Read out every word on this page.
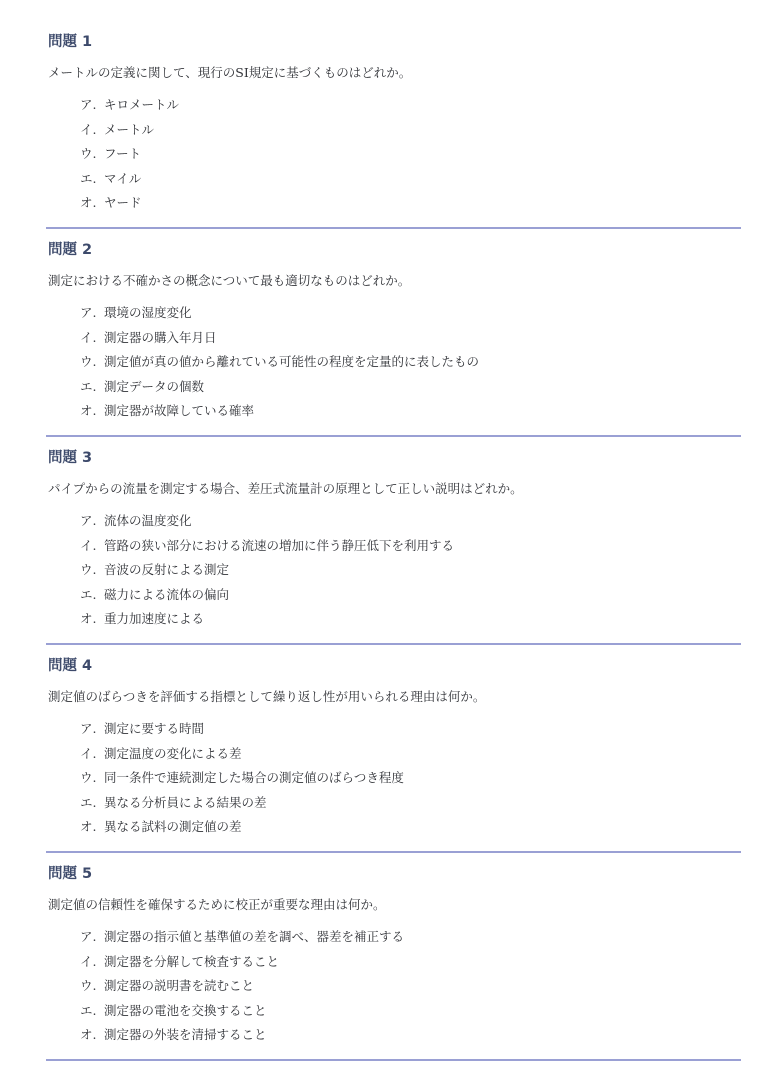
問題 1
メートルの定義に関して、現行のSI規定に基づくものはどれか。
ア. キロメートル
イ. メートル
ウ. フート
エ. マイル
オ. ヤード
問題 2
測定における不確かさの概念について最も適切なものはどれか。
ア. 環境の湿度変化
イ. 測定器の購入年月日
ウ. 測定値が真の値から離れている可能性の程度を定量的に表したもの
エ. 測定データの個数
オ. 測定器が故障している確率
問題 3
パイプからの流量を測定する場合、差圧式流量計の原理として正しい説明はどれか。
ア. 流体の温度変化
イ. 管路の狭い部分における流速の増加に伴う静圧低下を利用する
ウ. 音波の反射による測定
エ. 磁力による流体の偏向
オ. 重力加速度による
問題 4
測定値のばらつきを評価する指標として繰り返し性が用いられる理由は何か。
ア. 測定に要する時間
イ. 測定温度の変化による差
ウ. 同一条件で連続測定した場合の測定値のばらつき程度
エ. 異なる分析員による結果の差
オ. 異なる試料の測定値の差
問題 5
測定値の信頼性を確保するために校正が重要な理由は何か。
ア. 測定器の指示値と基準値の差を調べ、器差を補正する
イ. 測定器を分解して検査すること
ウ. 測定器の説明書を読むこと
エ. 測定器の電池を交換すること
オ. 測定器の外装を清掃すること
